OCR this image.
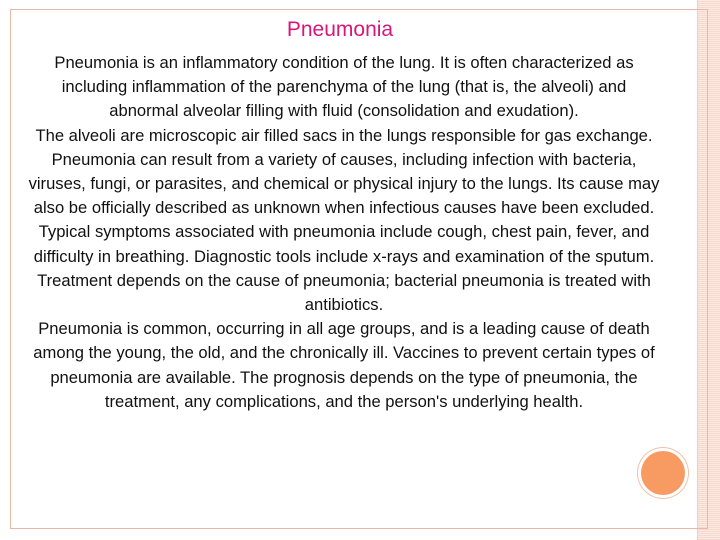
Pneumonia

Pneumonia is an inflammatory condition of the lung. It is often characterized as including inflammation of the parenchyma of the lung (that is, the alveoli) and abnormal alveolar filling with fluid (consolidation and exudation).

The alveoli are microscopic air filled sacs in the lungs responsible for gas exchange. Pneumonia can result from a variety of causes, including infection with bacteria, viruses, fungi, or parasites, and chemical or physical injury to the lungs. Its cause may also be officially described as unknown when infectious causes have been excluded.

Typical symptoms associated with pneumonia include cough, chest pain, fever, and difficulty in breathing. Diagnostic tools include x-rays and examination of the sputum. Treatment depends on the cause of pneumonia; bacterial pneumonia is treated with antibiotics.

Pneumonia is common, occurring in all age groups, and is a leading cause of death among the young, the old, and the chronically ill. Vaccines to prevent certain types of pneumonia are available. The prognosis depends on the type of pneumonia, the treatment, any complications, and the person's underlying health.
